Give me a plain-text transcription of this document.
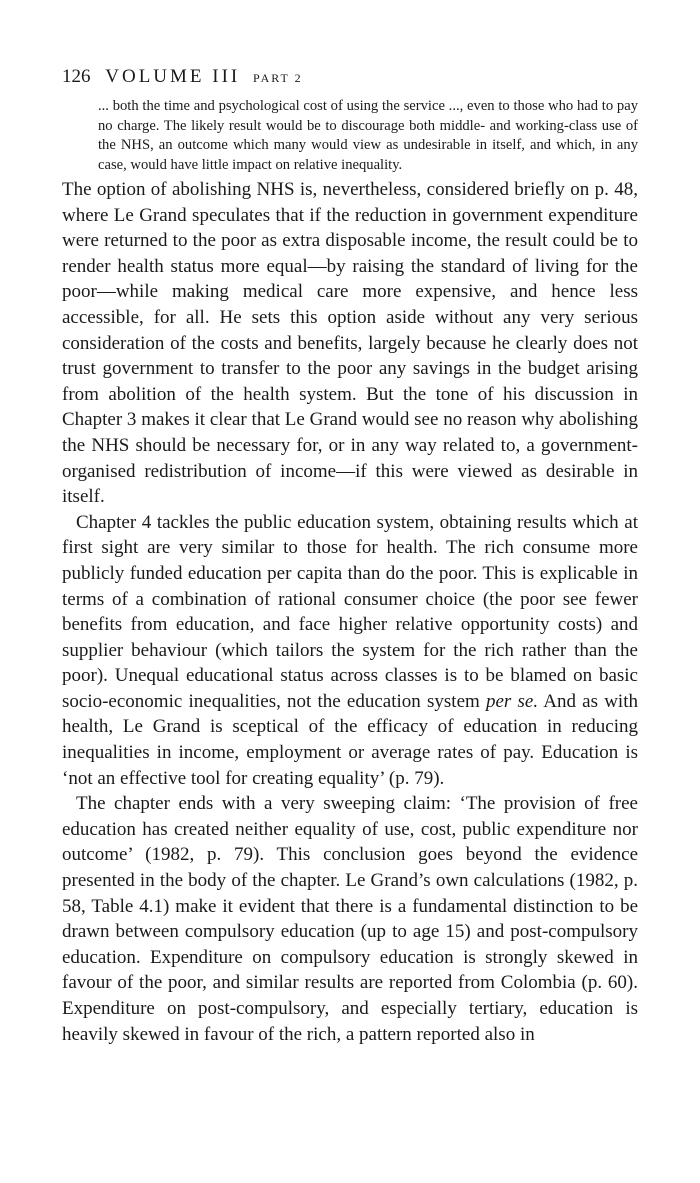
126 VOLUME III PART 2

... both the time and psychological cost of using the service ..., even to those who had to pay no charge. The likely result would be to discourage both middle- and working-class use of the NHS, an outcome which many would view as undesirable in itself, and which, in any case, would have little impact on relative inequality.

The option of abolishing NHS is, nevertheless, considered briefly on p. 48, where Le Grand speculates that if the reduction in government expenditure were returned to the poor as extra disposable income, the result could be to render health status more equal—by raising the standard of living for the poor—while making medical care more expensive, and hence less accessible, for all. He sets this option aside without any very serious consideration of the costs and benefits, largely because he clearly does not trust government to transfer to the poor any savings in the budget arising from abolition of the health system. But the tone of his discussion in Chapter 3 makes it clear that Le Grand would see no reason why abolishing the NHS should be necessary for, or in any way related to, a government-organised redistribution of income—if this were viewed as desirable in itself.

Chapter 4 tackles the public education system, obtaining results which at first sight are very similar to those for health. The rich consume more publicly funded education per capita than do the poor. This is explicable in terms of a combination of rational consumer choice (the poor see fewer benefits from education, and face higher relative opportunity costs) and supplier behaviour (which tailors the system for the rich rather than the poor). Unequal educational status across classes is to be blamed on basic socio-economic inequalities, not the education system per se. And as with health, Le Grand is sceptical of the efficacy of education in reducing inequalities in income, employment or average rates of pay. Education is ‘not an effective tool for creating equality’ (p. 79).

The chapter ends with a very sweeping claim: ‘The provision of free education has created neither equality of use, cost, public expenditure nor outcome’ (1982, p. 79). This conclusion goes beyond the evidence presented in the body of the chapter. Le Grand’s own calculations (1982, p. 58, Table 4.1) make it evident that there is a fundamental distinction to be drawn between compulsory education (up to age 15) and post-compulsory education. Expenditure on compulsory education is strongly skewed in favour of the poor, and similar results are reported from Colombia (p. 60). Expenditure on post-compulsory, and especially tertiary, education is heavily skewed in favour of the rich, a pattern reported also in
